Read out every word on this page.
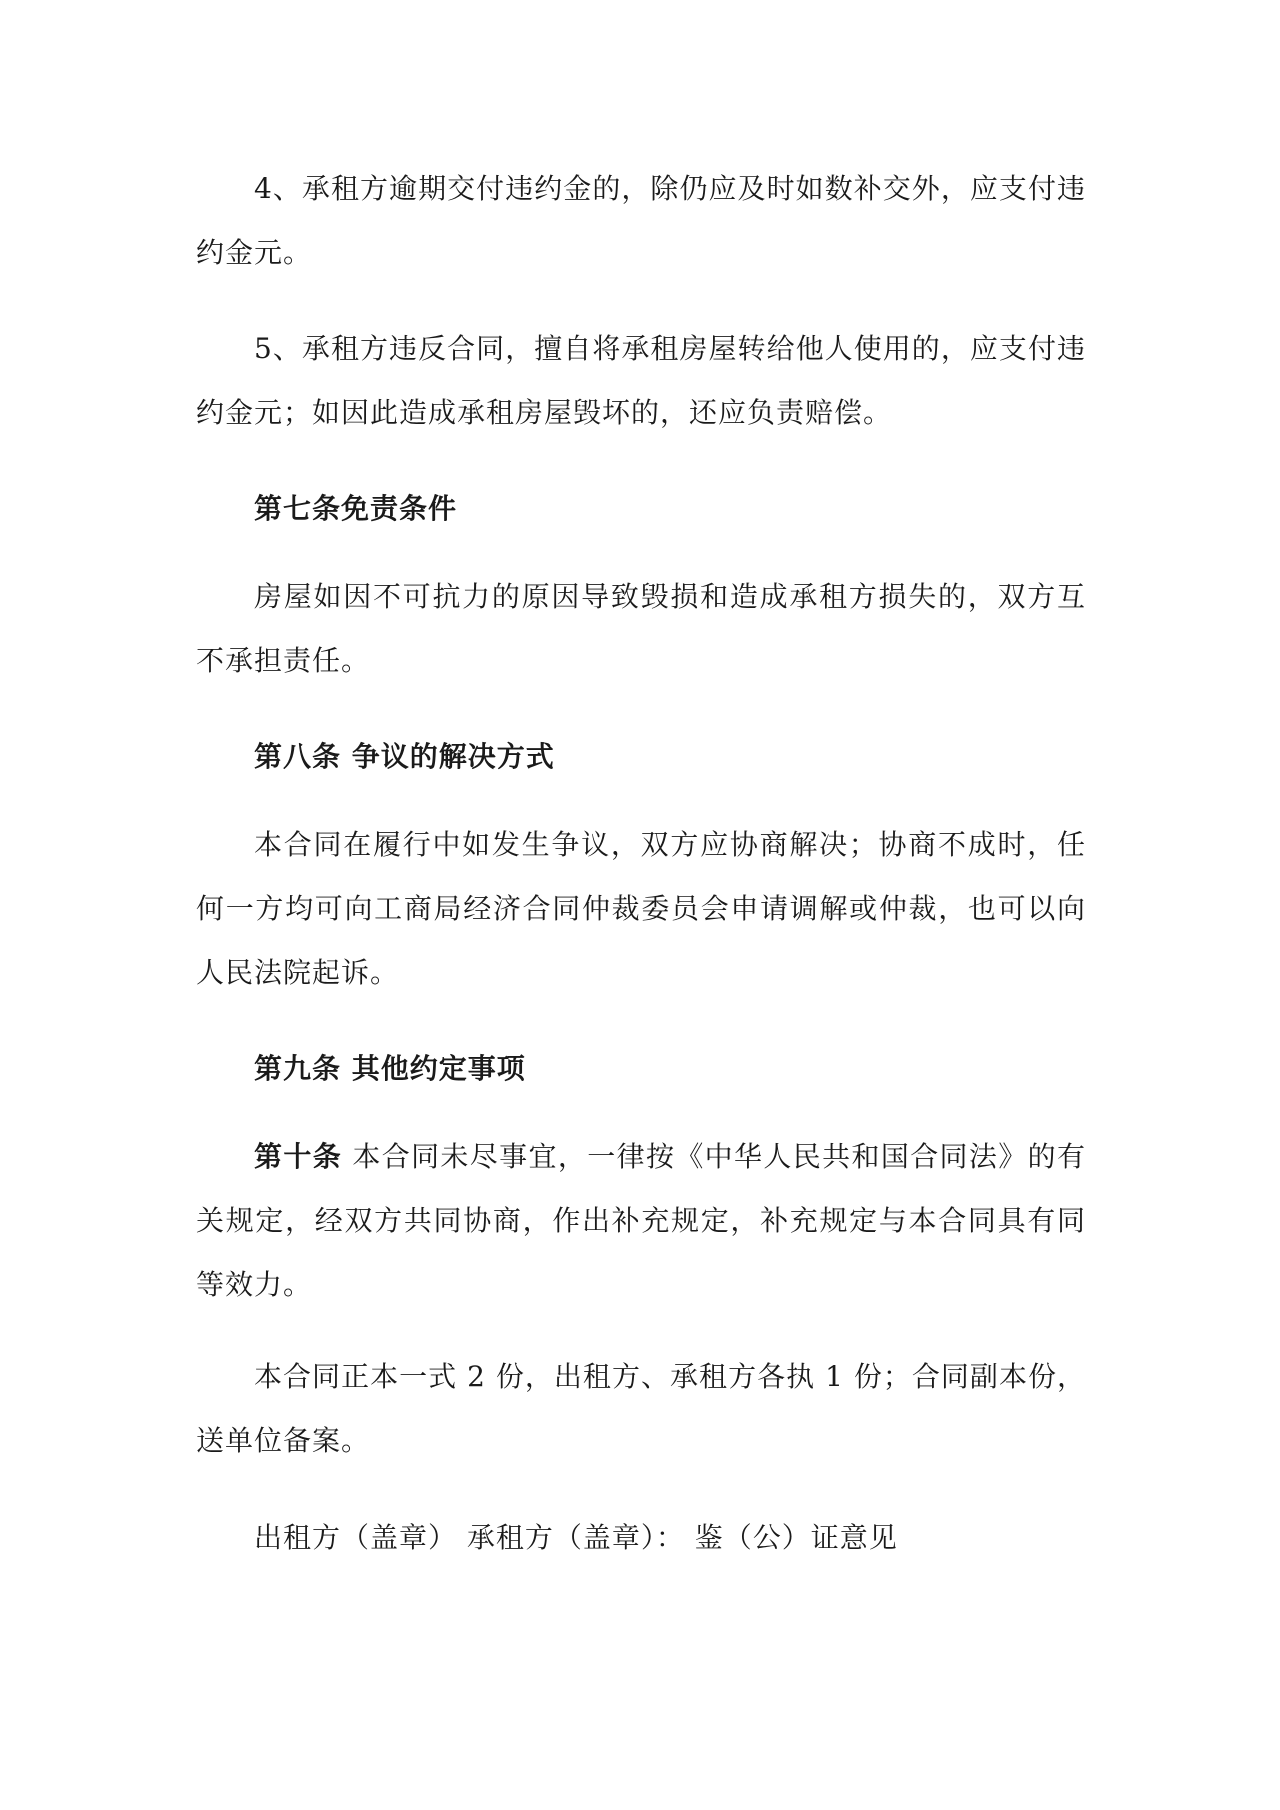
4、承租方逾期交付违约金的，除仍应及时如数补交外，应支付违约金元。

5、承租方违反合同，擅自将承租房屋转给他人使用的，应支付违约金元；如因此造成承租房屋毁坏的，还应负责赔偿。

第七条免责条件

房屋如因不可抗力的原因导致毁损和造成承租方损失的，双方互不承担责任。

第八条 争议的解决方式

本合同在履行中如发生争议，双方应协商解决；协商不成时，任何一方均可向工商局经济合同仲裁委员会申请调解或仲裁，也可以向人民法院起诉。

第九条 其他约定事项

第十条 本合同未尽事宜，一律按《中华人民共和国合同法》的有关规定，经双方共同协商，作出补充规定，补充规定与本合同具有同等效力。

本合同正本一式 2 份，出租方、承租方各执 1 份；合同副本份，送单位备案。

出租方（盖章） 承租方（盖章）： 鉴（公）证意见
